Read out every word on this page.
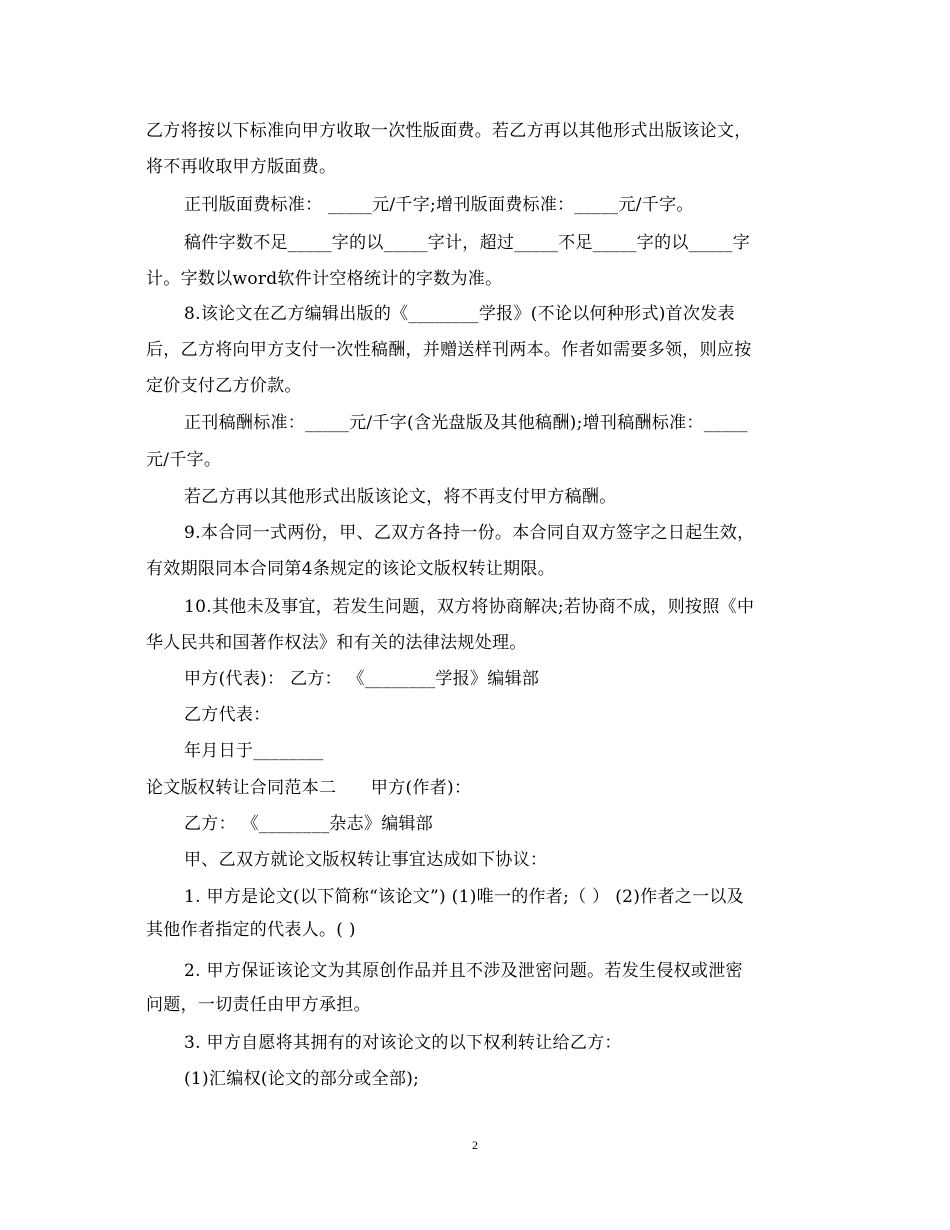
乙方将按以下标准向甲方收取一次性版面费。若乙方再以其他形式出版该论文，
将不再收取甲方版面费。
正刊版面费标准： _____元/千字;增刊版面费标准：_____元/千字。
稿件字数不足_____字的以_____字计，超过_____不足_____字的以_____字
计。字数以word软件计空格统计的字数为准。
8.该论文在乙方编辑出版的《________学报》(不论以何种形式)首次发表
后，乙方将向甲方支付一次性稿酬，并赠送样刊两本。作者如需要多领，则应按
定价支付乙方价款。
正刊稿酬标准：_____元/千字(含光盘版及其他稿酬);增刊稿酬标准：_____
元/千字。
若乙方再以其他形式出版该论文，将不再支付甲方稿酬。
9.本合同一式两份，甲、乙双方各持一份。本合同自双方签字之日起生效，
有效期限同本合同第4条规定的该论文版权转让期限。
10.其他未及事宜，若发生问题，双方将协商解决;若协商不成，则按照《中
华人民共和国著作权法》和有关的法律法规处理。
甲方(代表)： 乙方： 《________学报》编辑部
乙方代表：
年月日于________
论文版权转让合同范本二　　甲方(作者)：
乙方： 《________杂志》编辑部
甲、乙双方就论文版权转让事宜达成如下协议：
1. 甲方是论文(以下简称“该论文”) (1)唯一的作者;（ ） (2)作者之一以及
其他作者指定的代表人。( )
2. 甲方保证该论文为其原创作品并且不涉及泄密问题。若发生侵权或泄密
问题，一切责任由甲方承担。
3. 甲方自愿将其拥有的对该论文的以下权利转让给乙方：
(1)汇编权(论文的部分或全部);
2
